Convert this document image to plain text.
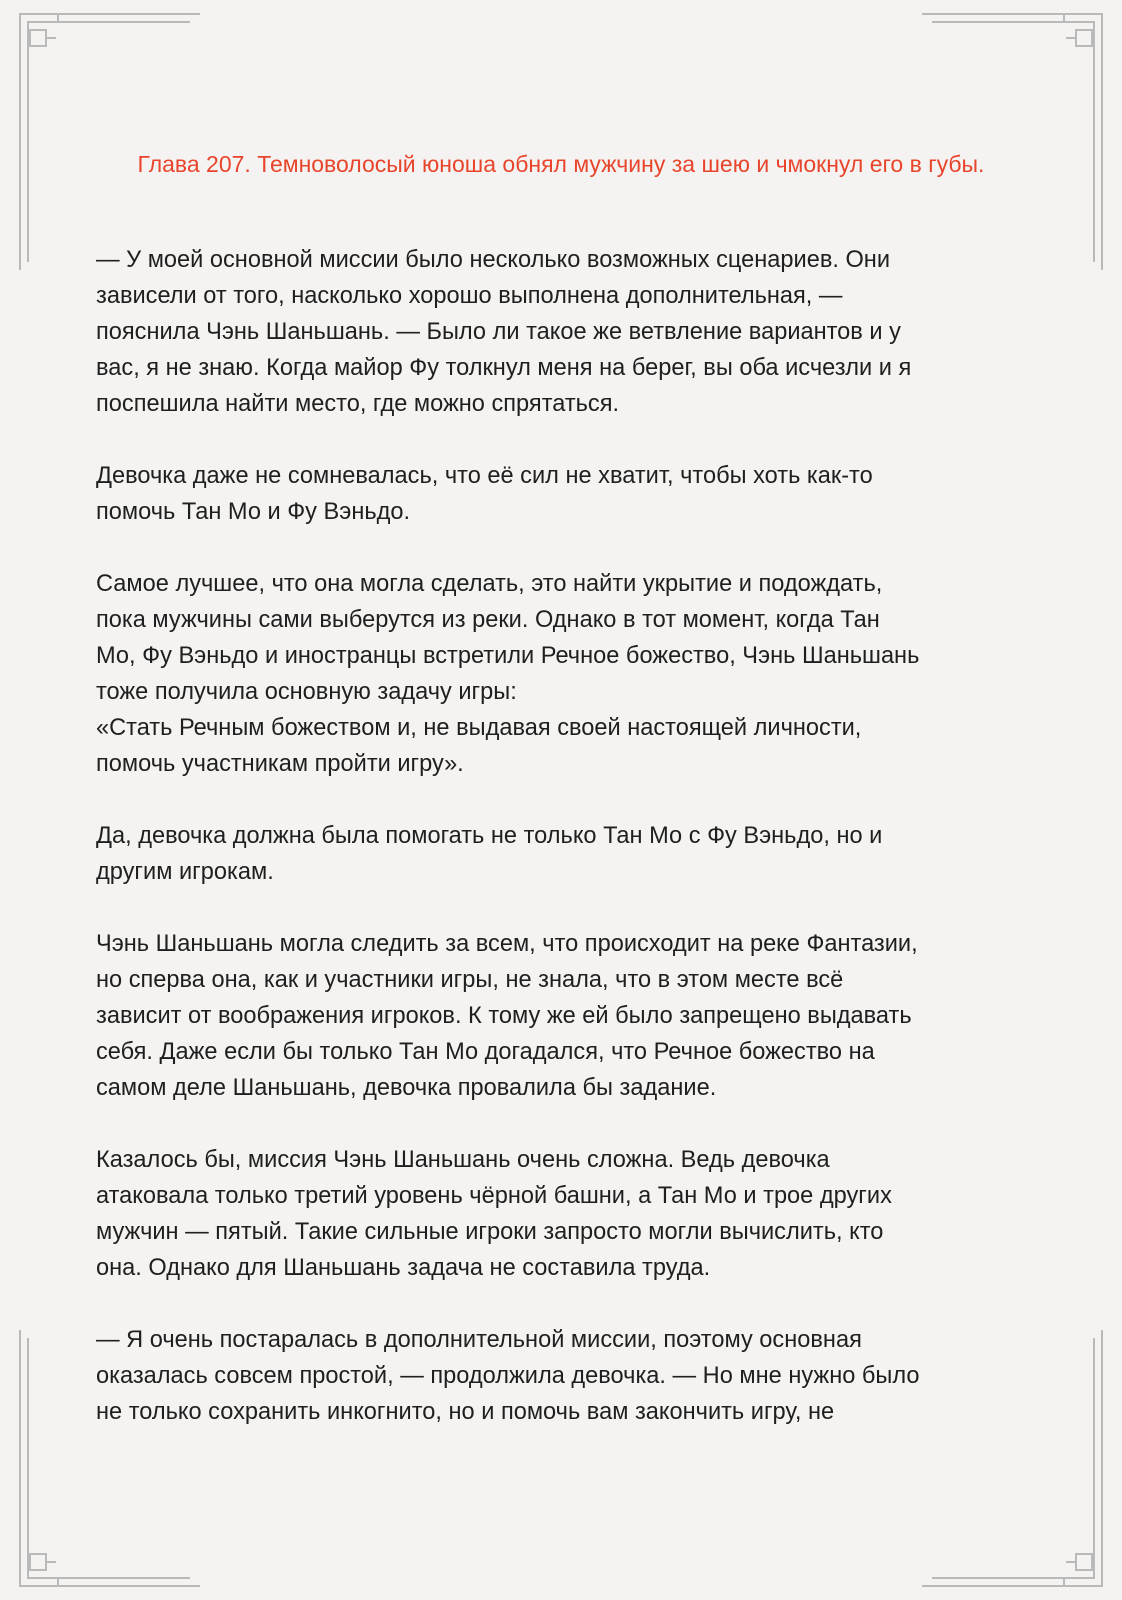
Глава 207. Темноволосый юноша обнял мужчину за шею и чмокнул его в губы.

— У моей основной миссии было несколько возможных сценариев. Они
зависели от того, насколько хорошо выполнена дополнительная, —
пояснила Чэнь Шаньшань. — Было ли такое же ветвление вариантов и у
вас, я не знаю. Когда майор Фу толкнул меня на берег, вы оба исчезли и я
поспешила найти место, где можно спрятаться.

Девочка даже не сомневалась, что её сил не хватит, чтобы хоть как-то
помочь Тан Мо и Фу Вэньдо.

Самое лучшее, что она могла сделать, это найти укрытие и подождать,
пока мужчины сами выберутся из реки. Однако в тот момент, когда Тан
Мо, Фу Вэньдо и иностранцы встретили Речное божество, Чэнь Шаньшань
тоже получила основную задачу игры:
«Стать Речным божеством и, не выдавая своей настоящей личности,
помочь участникам пройти игру».

Да, девочка должна была помогать не только Тан Мо с Фу Вэньдо, но и
другим игрокам.

Чэнь Шаньшань могла следить за всем, что происходит на реке Фантазии,
но сперва она, как и участники игры, не знала, что в этом месте всё
зависит от воображения игроков. К тому же ей было запрещено выдавать
себя. Даже если бы только Тан Мо догадался, что Речное божество на
самом деле Шаньшань, девочка провалила бы задание.

Казалось бы, миссия Чэнь Шаньшань очень сложна. Ведь девочка
атаковала только третий уровень чёрной башни, а Тан Мо и трое других
мужчин — пятый. Такие сильные игроки запросто могли вычислить, кто
она. Однако для Шаньшань задача не составила труда.

— Я очень постаралась в дополнительной миссии, поэтому основная
оказалась совсем простой, — продолжила девочка. — Но мне нужно было
не только сохранить инкогнито, но и помочь вам закончить игру, не
